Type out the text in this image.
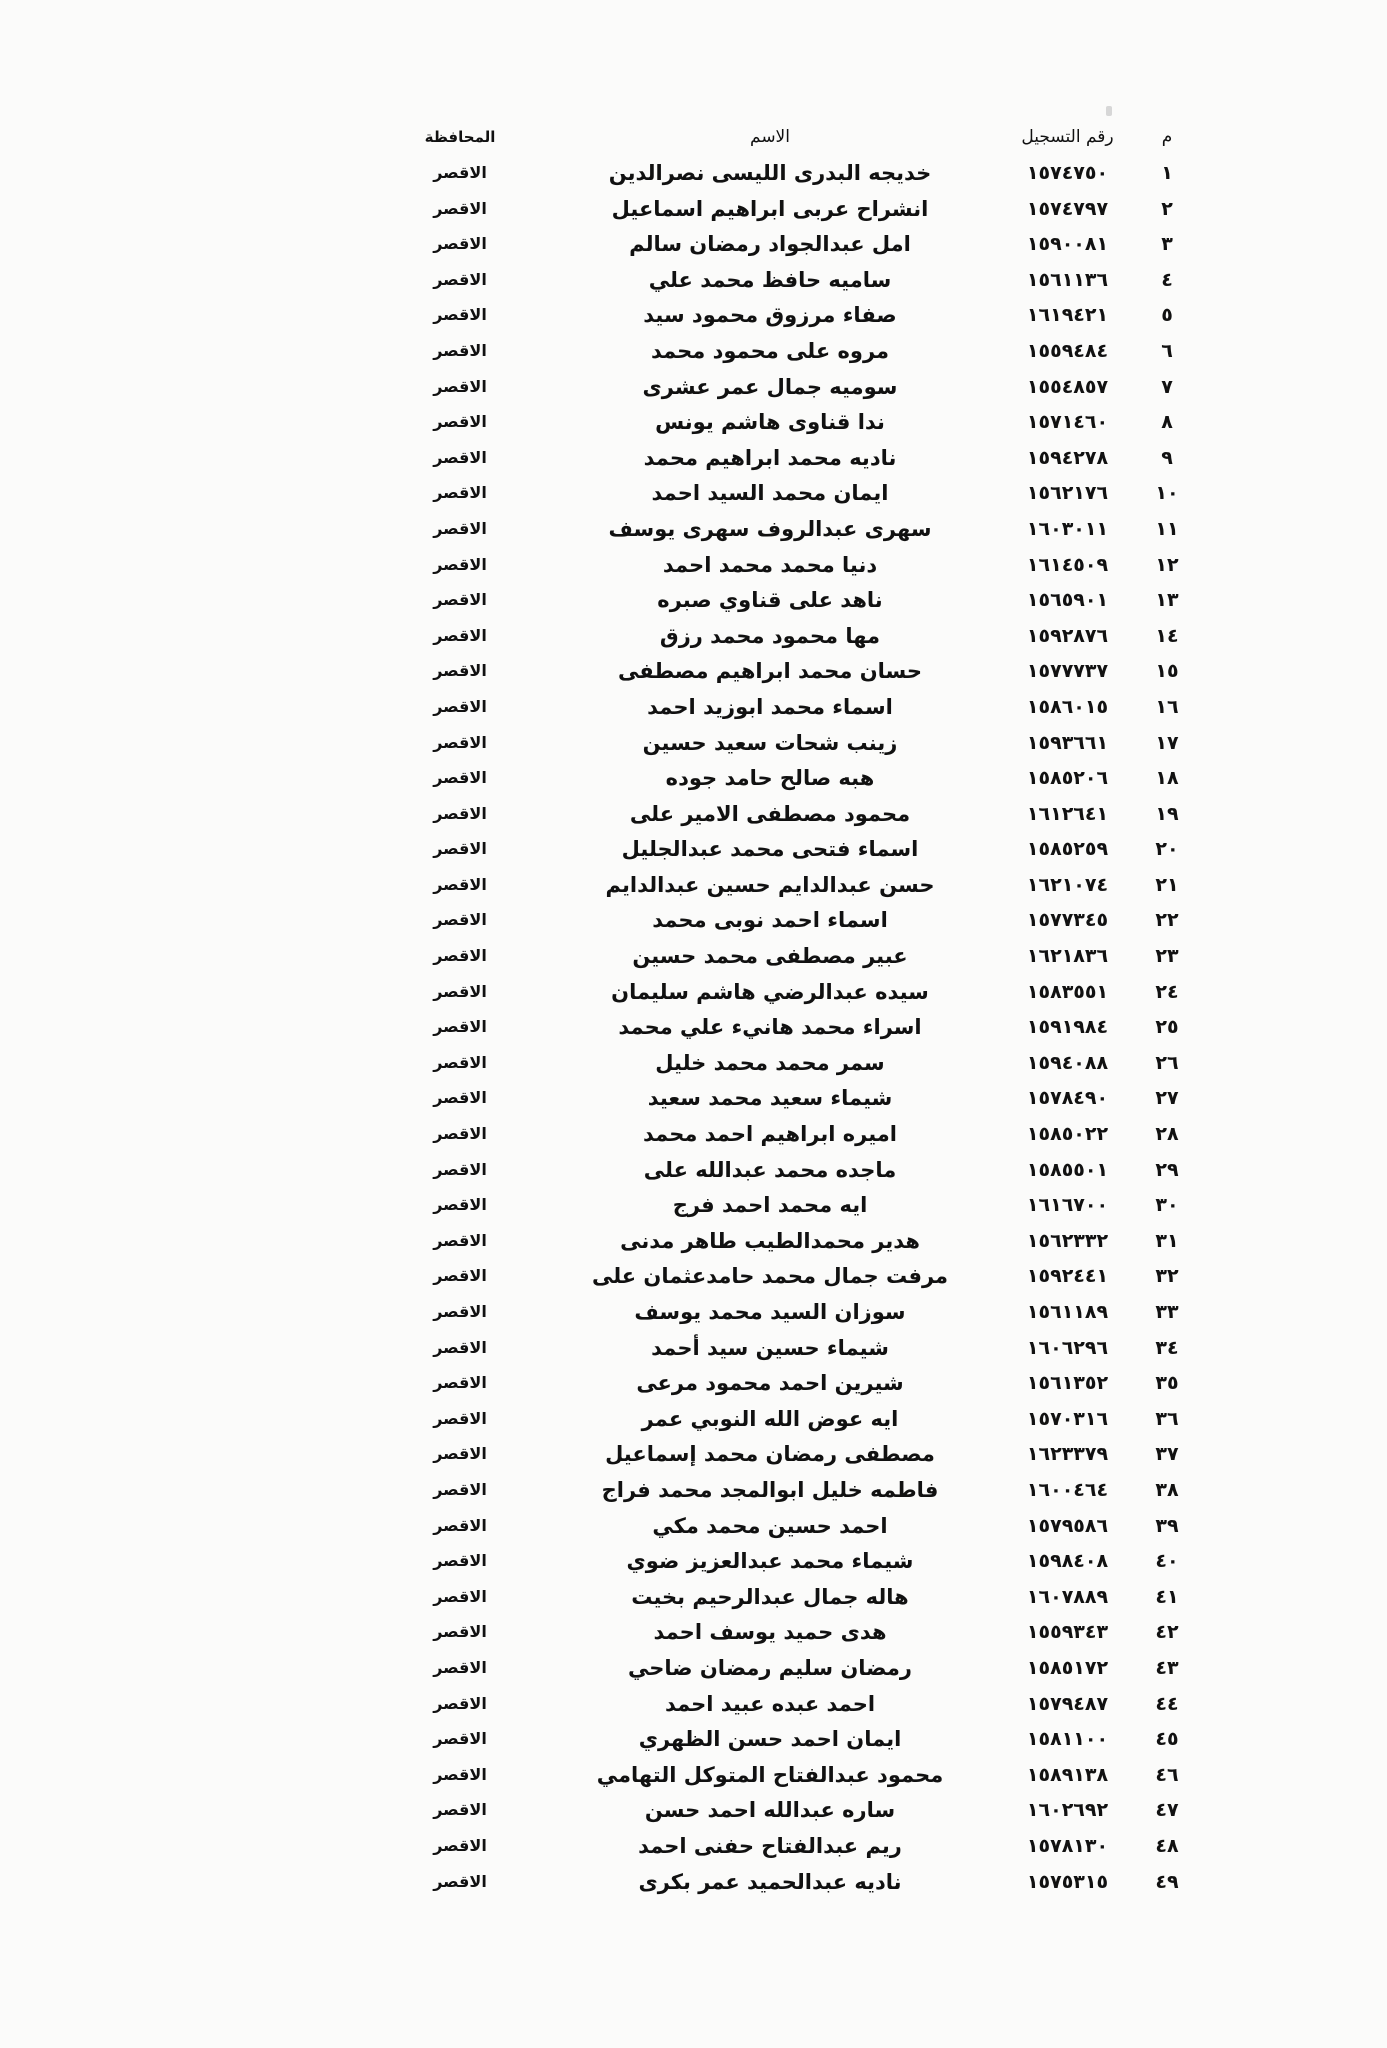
م
رقم التسجيل
الاسم
المحافظة
١
١٥٧٤٧٥٠
خديجه البدرى الليسى نصرالدين
الاقصر
٢
١٥٧٤٧٩٧
انشراح عربى ابراهيم اسماعيل
الاقصر
٣
١٥٩٠٠٨١
امل عبدالجواد رمضان سالم
الاقصر
٤
١٥٦١١٣٦
ساميه حافظ محمد علي
الاقصر
٥
١٦١٩٤٢١
صفاء مرزوق محمود سيد
الاقصر
٦
١٥٥٩٤٨٤
مروه على محمود محمد
الاقصر
٧
١٥٥٤٨٥٧
سوميه جمال عمر عشرى
الاقصر
٨
١٥٧١٤٦٠
ندا قناوى هاشم يونس
الاقصر
٩
١٥٩٤٢٧٨
ناديه محمد ابراهيم محمد
الاقصر
١٠
١٥٦٢١٧٦
ايمان محمد السيد احمد
الاقصر
١١
١٦٠٣٠١١
سهرى عبدالروف سهرى يوسف
الاقصر
١٢
١٦١٤٥٠٩
دنيا محمد محمد احمد
الاقصر
١٣
١٥٦٥٩٠١
ناهد على قناوي صبره
الاقصر
١٤
١٥٩٢٨٧٦
مها محمود محمد رزق
الاقصر
١٥
١٥٧٧٧٣٧
حسان محمد ابراهيم مصطفى
الاقصر
١٦
١٥٨٦٠١٥
اسماء محمد ابوزيد احمد
الاقصر
١٧
١٥٩٣٦٦١
زينب شحات سعيد حسين
الاقصر
١٨
١٥٨٥٢٠٦
هبه صالح حامد جوده
الاقصر
١٩
١٦١٢٦٤١
محمود مصطفى الامير على
الاقصر
٢٠
١٥٨٥٢٥٩
اسماء فتحى محمد عبدالجليل
الاقصر
٢١
١٦٢١٠٧٤
حسن عبدالدايم حسين عبدالدايم
الاقصر
٢٢
١٥٧٧٣٤٥
اسماء احمد نوبى محمد
الاقصر
٢٣
١٦٢١٨٣٦
عبير مصطفى محمد حسين
الاقصر
٢٤
١٥٨٣٥٥١
سيده عبدالرضي هاشم سليمان
الاقصر
٢٥
١٥٩١٩٨٤
اسراء محمد هانيء علي محمد
الاقصر
٢٦
١٥٩٤٠٨٨
سمر محمد محمد خليل
الاقصر
٢٧
١٥٧٨٤٩٠
شيماء سعيد محمد سعيد
الاقصر
٢٨
١٥٨٥٠٢٢
اميره ابراهيم احمد محمد
الاقصر
٢٩
١٥٨٥٥٠١
ماجده محمد عبدالله على
الاقصر
٣٠
١٦١٦٧٠٠
ايه محمد احمد فرج
الاقصر
٣١
١٥٦٢٣٣٢
هدير محمدالطيب طاهر مدنى
الاقصر
٣٢
١٥٩٢٤٤١
مرفت جمال محمد حامدعثمان على
الاقصر
٣٣
١٥٦١١٨٩
سوزان السيد محمد يوسف
الاقصر
٣٤
١٦٠٦٢٩٦
شيماء حسين سيد أحمد
الاقصر
٣٥
١٥٦١٣٥٢
شيرين احمد محمود مرعى
الاقصر
٣٦
١٥٧٠٣١٦
ايه عوض الله النوبي عمر
الاقصر
٣٧
١٦٢٣٣٧٩
مصطفى رمضان محمد إسماعيل
الاقصر
٣٨
١٦٠٠٤٦٤
فاطمه خليل ابوالمجد محمد فراج
الاقصر
٣٩
١٥٧٩٥٨٦
احمد حسين محمد مكي
الاقصر
٤٠
١٥٩٨٤٠٨
شيماء محمد عبدالعزيز ضوي
الاقصر
٤١
١٦٠٧٨٨٩
هاله جمال عبدالرحيم بخيت
الاقصر
٤٢
١٥٥٩٣٤٣
هدى حميد يوسف احمد
الاقصر
٤٣
١٥٨٥١٧٢
رمضان سليم رمضان ضاحي
الاقصر
٤٤
١٥٧٩٤٨٧
احمد عبده عبيد احمد
الاقصر
٤٥
١٥٨١١٠٠
ايمان احمد حسن الظهري
الاقصر
٤٦
١٥٨٩١٣٨
محمود عبدالفتاح المتوكل التهامي
الاقصر
٤٧
١٦٠٢٦٩٢
ساره عبدالله احمد حسن
الاقصر
٤٨
١٥٧٨١٣٠
ريم عبدالفتاح حفنى احمد
الاقصر
٤٩
١٥٧٥٣١٥
ناديه عبدالحميد عمر بكرى
الاقصر
